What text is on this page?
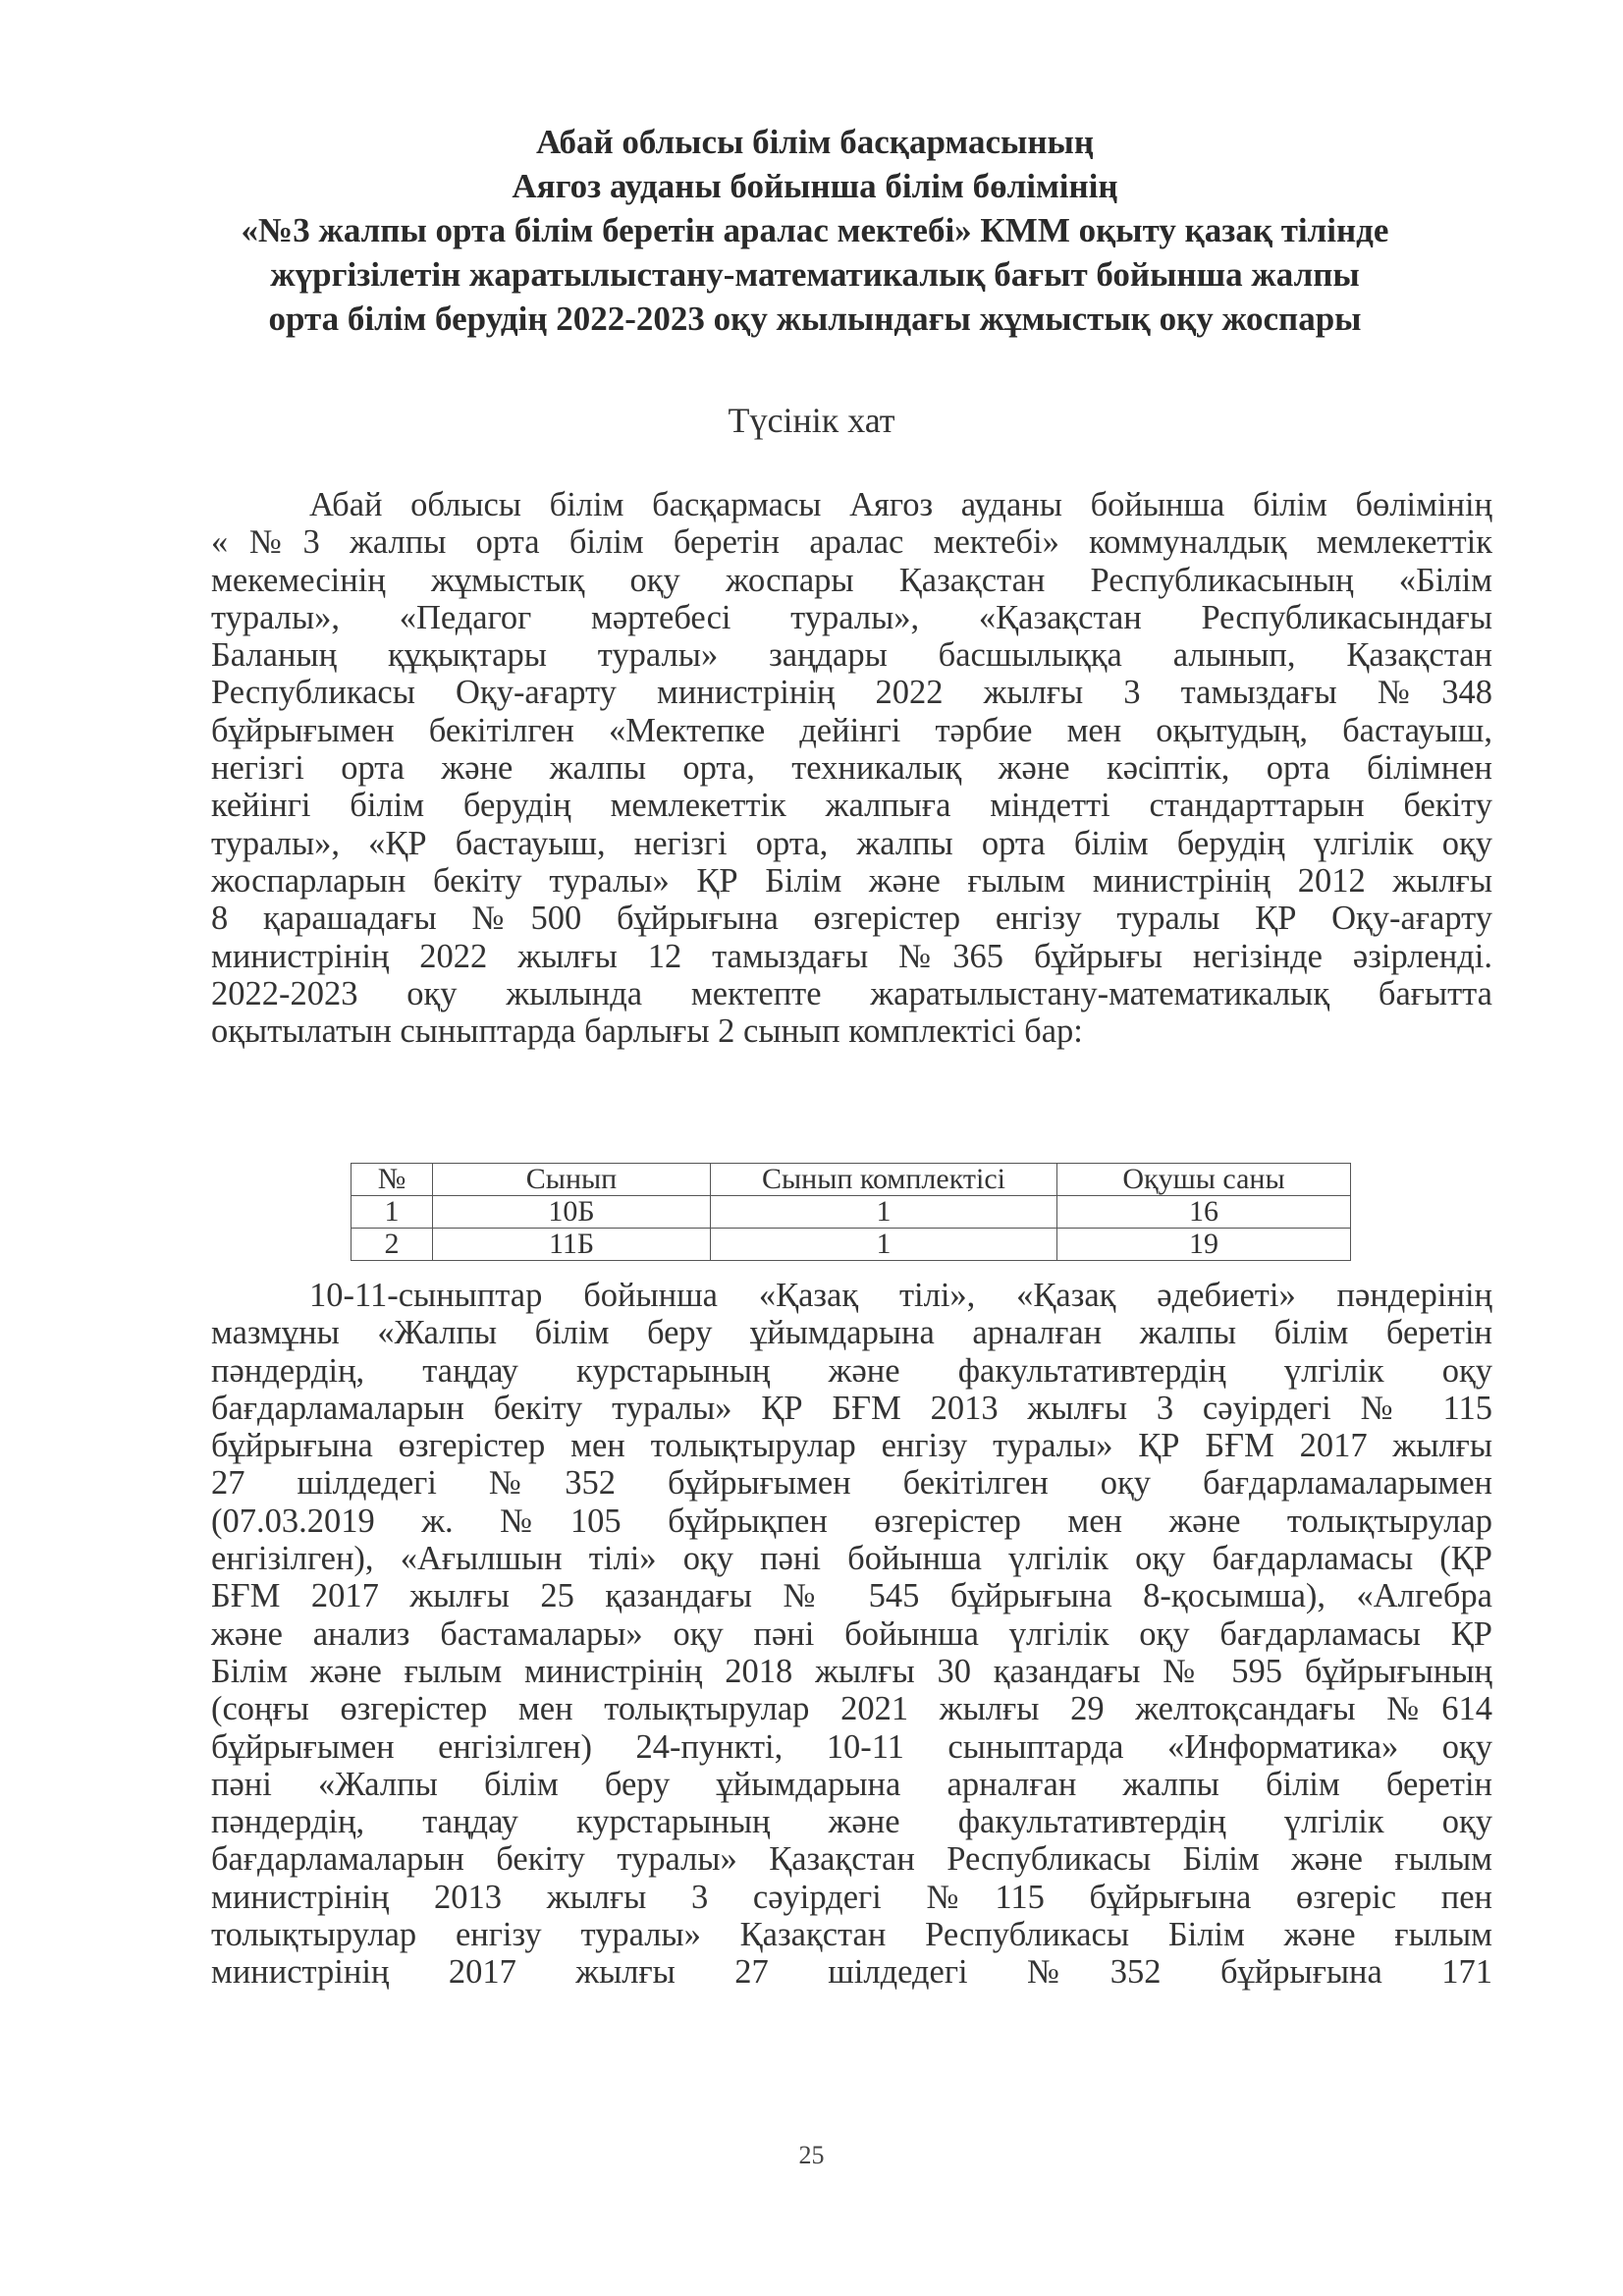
Абай облысы білім басқармасының
Аягоз ауданы бойынша білім бөлімінің
«№3 жалпы орта білім беретін аралас мектебі» КММ оқыту қазақ тілінде
жүргізілетін жаратылыстану-математикалық бағыт бойынша жалпы
орта білім берудің 2022-2023 оқу жылындағы жұмыстық оқу жоспары
Түсінік хат
Абай облысы білім басқармасы Аягоз ауданы бойынша білім бөлімінің
«№3 жалпы орта білім беретін аралас мектебі» коммуналдық мемлекеттік
мекемесінің жұмыстық оқу жоспары Қазақстан Республикасының «Білім
туралы», «Педагог мәртебесі туралы», «Қазақстан Республикасындағы
Баланың құқықтары туралы» заңдары басшылыққа алынып, Қазақстан
Республикасы Оқу-ағарту министрінің 2022 жылғы 3 тамыздағы №348
бұйрығымен бекітілген «Мектепке дейінгі тәрбие мен оқытудың, бастауыш,
негізгі орта және жалпы орта, техникалық және кәсіптік, орта білімнен
кейінгі білім берудің мемлекеттік жалпыға міндетті стандарттарын бекіту
туралы», «ҚР бастауыш, негізгі орта, жалпы орта білім берудің үлгілік оқу
жоспарларын бекіту туралы» ҚР Білім және ғылым министрінің 2012 жылғы
8 қарашадағы №500 бұйрығына өзгерістер енгізу туралы ҚР Оқу-ағарту
министрінің 2022 жылғы 12 тамыздағы №365 бұйрығы негізінде әзірленді.
2022-2023 оқу жылында мектепте жаратылыстану-математикалық бағытта
оқытылатын сыныптарда барлығы 2 сынып комплектісі бар:
№	Сынып	Сынып комплектісі	Оқушы саны
1	10Б	1	16
2	11Б	1	19
10-11-сыныптар бойынша «Қазақ тілі», «Қазақ әдебиеті» пәндерінің
мазмұны «Жалпы білім беру ұйымдарына арналған жалпы білім беретін
пәндердің, таңдау курстарының және факультативтердің үлгілік оқу
бағдарламаларын бекіту туралы» ҚР БҒМ 2013 жылғы 3 сәуірдегі № 115
бұйрығына өзгерістер мен толықтырулар енгізу туралы» ҚР БҒМ 2017 жылғы
27 шілдедегі №352 бұйрығымен бекітілген оқу бағдарламаларымен
(07.03.2019 ж. №105 бұйрықпен өзгерістер мен және толықтырулар
енгізілген), «Ағылшын тілі» оқу пәні бойынша үлгілік оқу бағдарламасы (ҚР
БҒМ 2017 жылғы 25 қазандағы № 545 бұйрығына 8-қосымша), «Алгебра
және анализ бастамалары» оқу пәні бойынша үлгілік оқу бағдарламасы ҚР
Білім және ғылым министрінің 2018 жылғы 30 қазандағы № 595 бұйрығының
(соңғы өзгерістер мен толықтырулар 2021 жылғы 29 желтоқсандағы №614
бұйрығымен енгізілген) 24-пункті, 10-11 сыныптарда «Информатика» оқу
пәні «Жалпы білім беру ұйымдарына арналған жалпы білім беретін
пәндердің, таңдау курстарының және факультативтердің үлгілік оқу
бағдарламаларын бекіту туралы» Қазақстан Республикасы Білім және ғылым
министрінің 2013 жылғы 3 сәуірдегі №115 бұйрығына өзгеріс пен
толықтырулар енгізу туралы» Қазақстан Республикасы Білім және ғылым
министрінің 2017 жылғы 27 шілдедегі №352 бұйрығына 171
25
